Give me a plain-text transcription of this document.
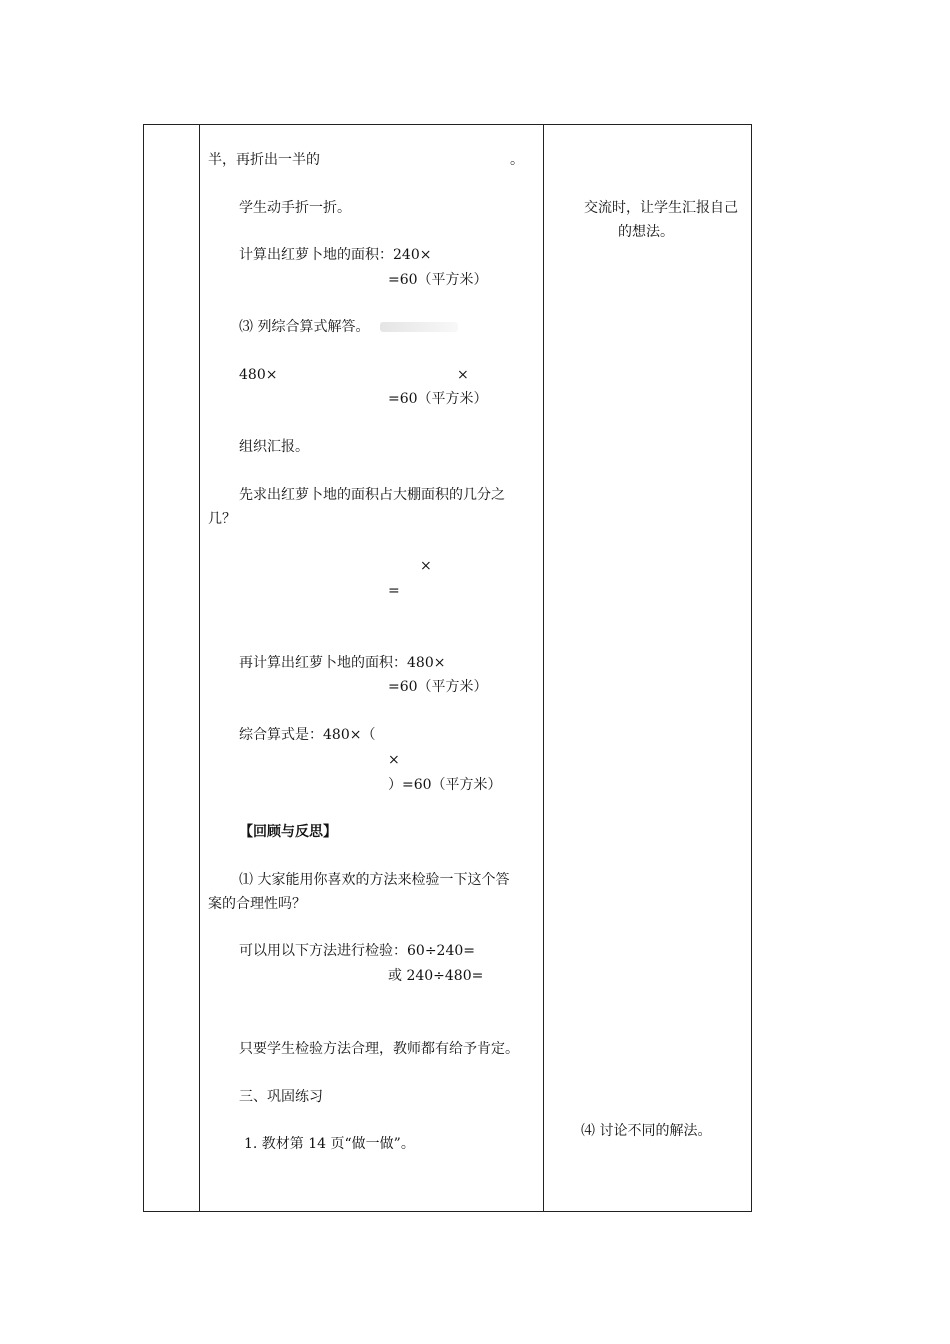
半，再折出一半的	。
学生动手折一折。
计算出红萝卜地的面积：240×
=60（平方米）
⑶ 列综合算式解答。
480×	×
=60（平方米）
组织汇报。
先求出红萝卜地的面积占大棚面积的几分之
几？
×
=
再计算出红萝卜地的面积：480×
=60（平方米）
综合算式是：480×（
×
）=60（平方米）
【回顾与反思】
⑴ 大家能用你喜欢的方法来检验一下这个答
案的合理性吗？
可以用以下方法进行检验：60÷240=
或 240÷480=
只要学生检验方法合理，教师都有给予肯定。
三、巩固练习
1. 教材第 14 页“做一做”。
交流时，让学生汇报自己
的想法。
⑷ 讨论不同的解法。
